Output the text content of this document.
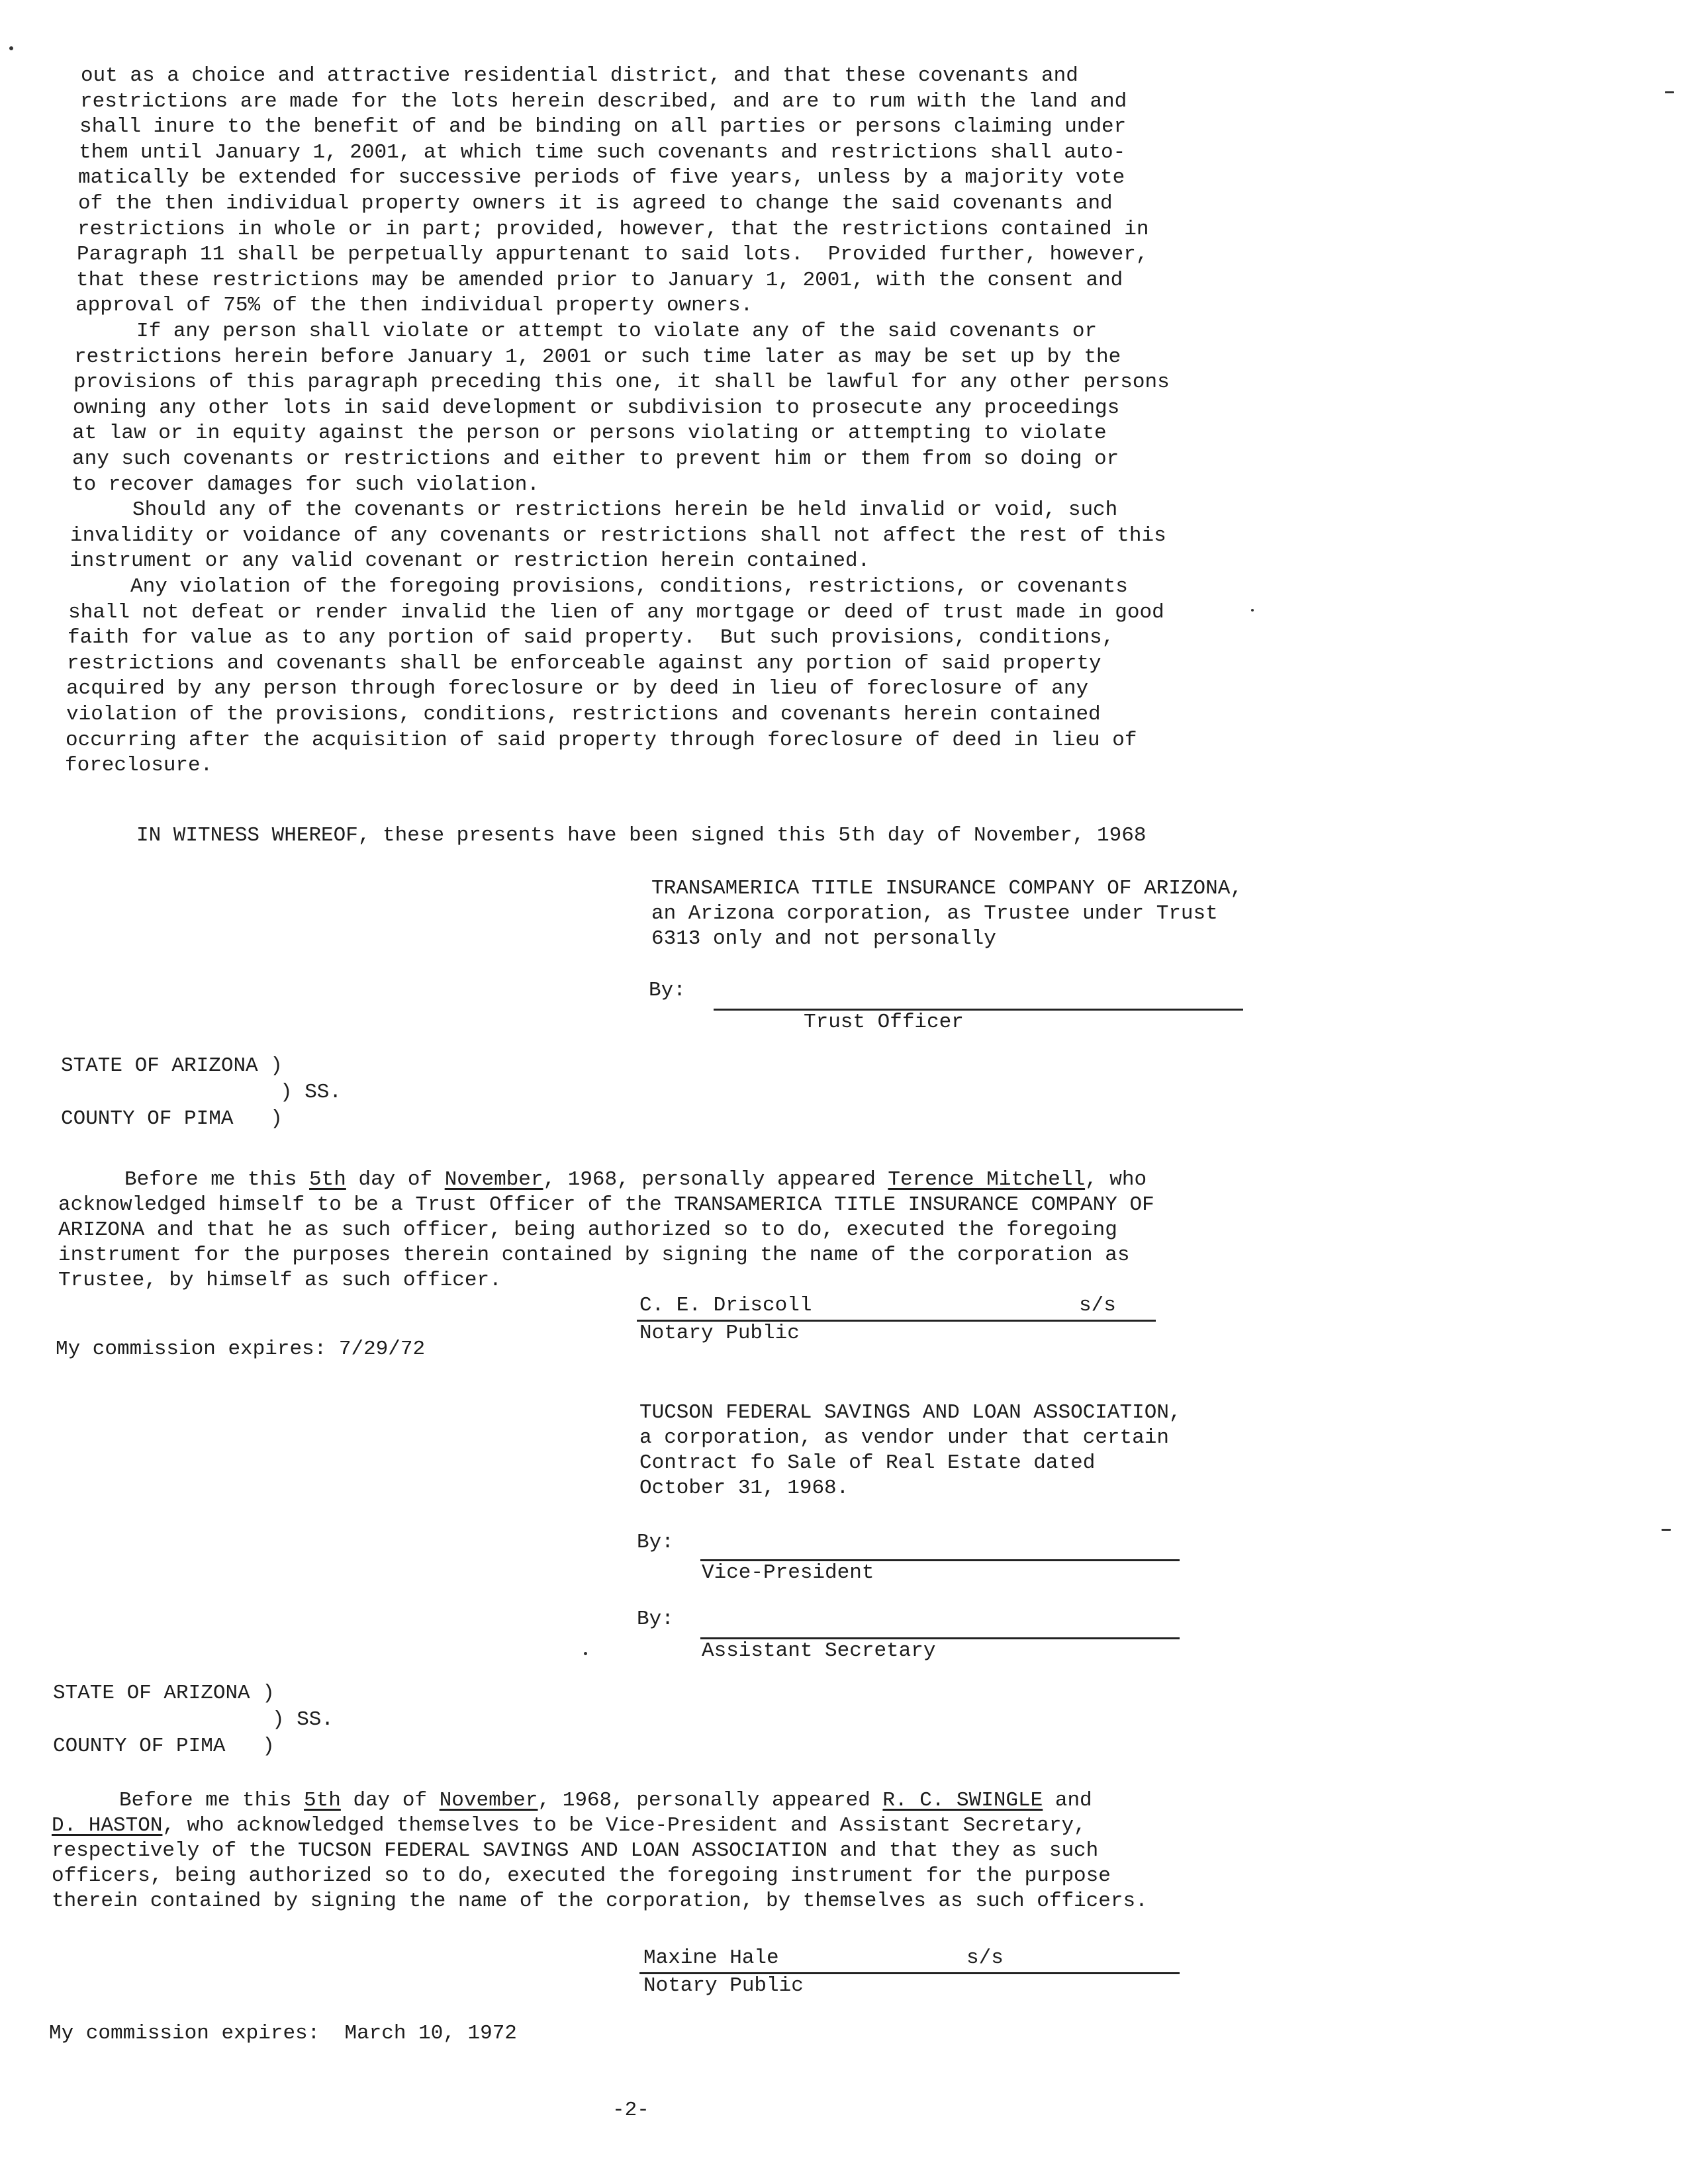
out as a choice and attractive residential district, and that these covenants and
restrictions are made for the lots herein described, and are to rum with the land and
shall inure to the benefit of and be binding on all parties or persons claiming under
them until January 1, 2001, at which time such covenants and restrictions shall auto-
matically be extended for successive periods of five years, unless by a majority vote
of the then individual property owners it is agreed to change the said covenants and
restrictions in whole or in part; provided, however, that the restrictions contained in
Paragraph 11 shall be perpetually appurtenant to said lots.  Provided further, however,
that these restrictions may be amended prior to January 1, 2001, with the consent and
approval of 75% of the then individual property owners.
If any person shall violate or attempt to violate any of the said covenants or
restrictions herein before January 1, 2001 or such time later as may be set up by the
provisions of this paragraph preceding this one, it shall be lawful for any other persons
owning any other lots in said development or subdivision to prosecute any proceedings
at law or in equity against the person or persons violating or attempting to violate
any such covenants or restrictions and either to prevent him or them from so doing or
to recover damages for such violation.
Should any of the covenants or restrictions herein be held invalid or void, such
invalidity or voidance of any covenants or restrictions shall not affect the rest of this
instrument or any valid covenant or restriction herein contained.
Any violation of the foregoing provisions, conditions, restrictions, or covenants
shall not defeat or render invalid the lien of any mortgage or deed of trust made in good
faith for value as to any portion of said property.  But such provisions, conditions,
restrictions and covenants shall be enforceable against any portion of said property
acquired by any person through foreclosure or by deed in lieu of foreclosure of any
violation of the provisions, conditions, restrictions and covenants herein contained
occurring after the acquisition of said property through foreclosure of deed in lieu of
foreclosure.
IN WITNESS WHEREOF, these presents have been signed this 5th day of November, 1968
TRANSAMERICA TITLE INSURANCE COMPANY OF ARIZONA,
an Arizona corporation, as Trustee under Trust
6313 only and not personally
By:
Trust Officer
STATE OF ARIZONA )
) SS.
COUNTY OF PIMA   )
Before me this 5th day of November, 1968, personally appeared Terence Mitchell, who
acknowledged himself to be a Trust Officer of the TRANSAMERICA TITLE INSURANCE COMPANY OF
ARIZONA and that he as such officer, being authorized so to do, executed the foregoing
instrument for the purposes therein contained by signing the name of the corporation as
Trustee, by himself as such officer.
C. E. Driscoll	s/s
Notary Public
My commission expires: 7/29/72
TUCSON FEDERAL SAVINGS AND LOAN ASSOCIATION,
a corporation, as vendor under that certain
Contract fo Sale of Real Estate dated
October 31, 1968.
By:
Vice-President
By:
Assistant Secretary
STATE OF ARIZONA )
) SS.
COUNTY OF PIMA   )
Before me this 5th day of November, 1968, personally appeared R. C. SWINGLE and
D. HASTON, who acknowledged themselves to be Vice-President and Assistant Secretary,
respectively of the TUCSON FEDERAL SAVINGS AND LOAN ASSOCIATION and that they as such
officers, being authorized so to do, executed the foregoing instrument for the purpose
therein contained by signing the name of the corporation, by themselves as such officers.
Maxine Hale	s/s
Notary Public
My commission expires:  March 10, 1972
-2-
